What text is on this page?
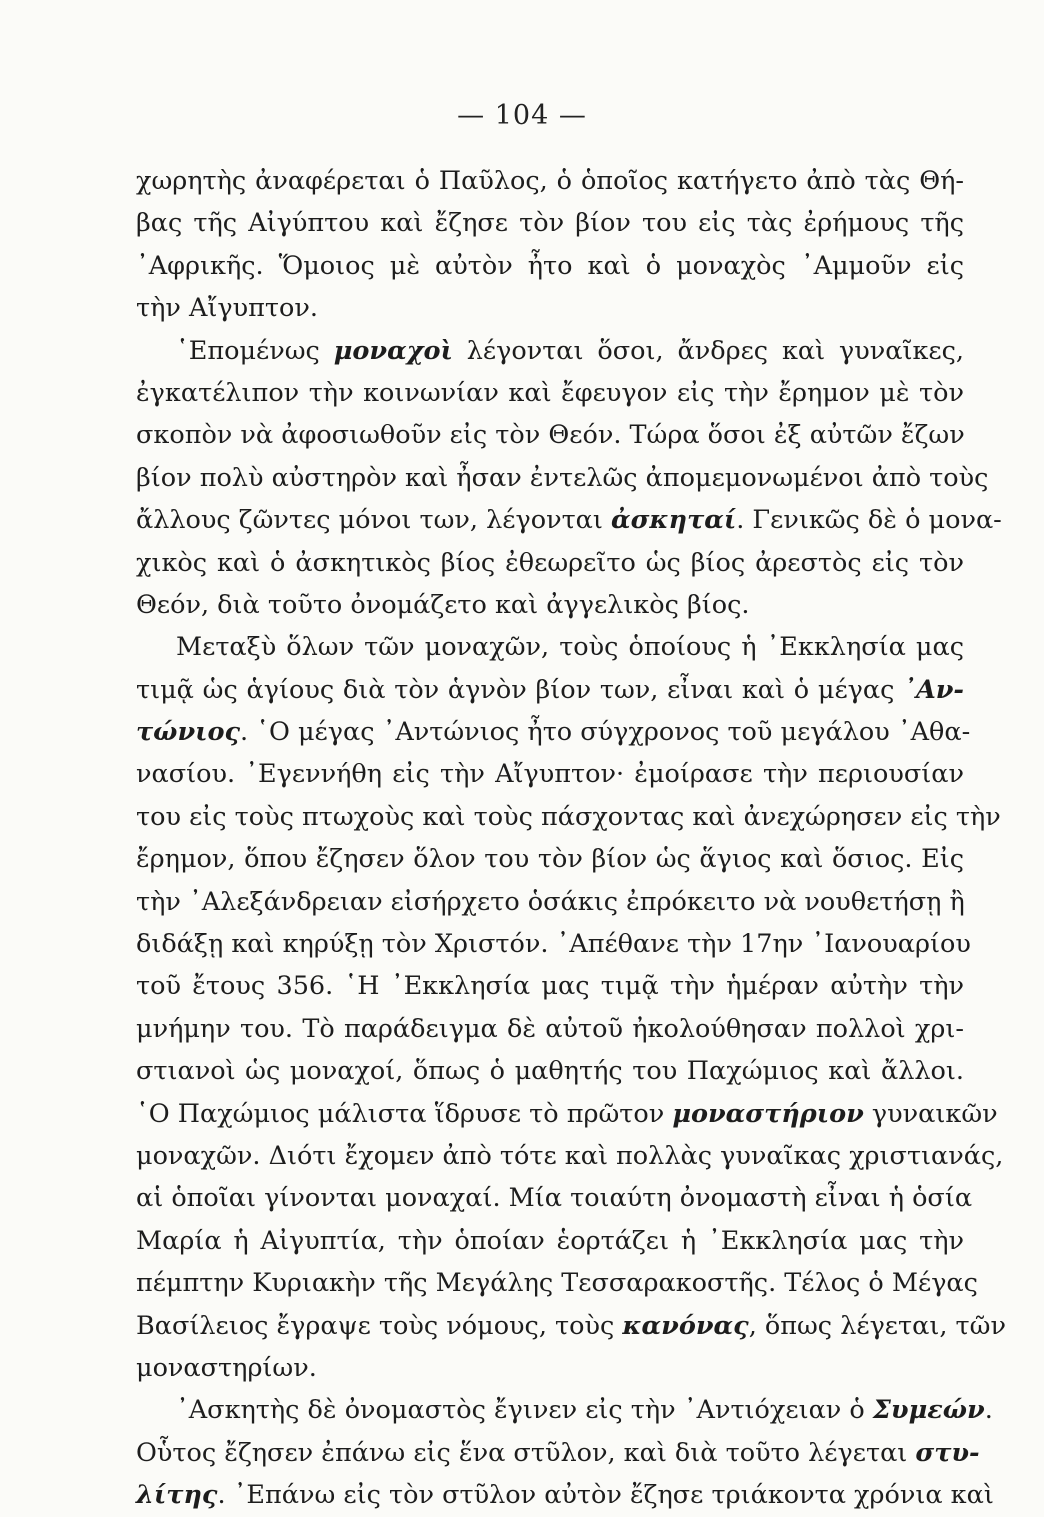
— 104 —
χωρητὴς ἀναφέρεται ὁ Παῦλος, ὁ ὁποῖος κατήγετο ἀπὸ τὰς Θή-
βας τῆς Αἰγύπτου καὶ ἔζησε τὸν βίον του εἰς τὰς ἐρήμους τῆς
᾿Αφρικῆς. Ὅμοιος μὲ αὐτὸν ἦτο καὶ ὁ μοναχὸς ᾿Αμμοῦν εἰς
τὴν Αἴγυπτον.
῾Επομένως μοναχοὶ λέγονται ὅσοι, ἄνδρες καὶ γυναῖκες,
ἐγκατέλιπον τὴν κοινωνίαν καὶ ἔφευγον εἰς τὴν ἔρημον μὲ τὸν
σκοπὸν νὰ ἀφοσιωθοῦν εἰς τὸν Θεόν. Τώρα ὅσοι ἐξ αὐτῶν ἔζων
βίον πολὺ αὐστηρὸν καὶ ἦσαν ἐντελῶς ἀπομεμονωμένοι ἀπὸ τοὺς
ἄλλους ζῶντες μόνοι των, λέγονται ἀσκηταί. Γενικῶς δὲ ὁ μονα-
χικὸς καὶ ὁ ἀσκητικὸς βίος ἐθεωρεῖτο ὡς βίος ἀρεστὸς εἰς τὸν
Θεόν, διὰ τοῦτο ὀνομάζετο καὶ ἀγγελικὸς βίος.
Μεταξὺ ὅλων τῶν μοναχῶν, τοὺς ὁποίους ἡ ᾿Εκκλησία μας
τιμᾷ ὡς ἁγίους διὰ τὸν ἁγνὸν βίον των, εἶναι καὶ ὁ μέγας ᾿Αν-
τώνιος. ῾Ο μέγας ᾿Αντώνιος ἦτο σύγχρονος τοῦ μεγάλου ᾿Αθα-
νασίου. ᾿Εγεννήθη εἰς τὴν Αἴγυπτον· ἐμοίρασε τὴν περιουσίαν
του εἰς τοὺς πτωχοὺς καὶ τοὺς πάσχοντας καὶ ἀνεχώρησεν εἰς τὴν
ἔρημον, ὅπου ἔζησεν ὅλον του τὸν βίον ὡς ἅγιος καὶ ὅσιος. Εἰς
τὴν ᾿Αλεξάνδρειαν εἰσήρχετο ὁσάκις ἐπρόκειτο νὰ νουθετήσῃ ἢ
διδάξῃ καὶ κηρύξῃ τὸν Χριστόν. ᾿Απέθανε τὴν 17ην ᾿Ιανουαρίου
τοῦ ἔτους 356. ῾Η ᾿Εκκλησία μας τιμᾷ τὴν ἡμέραν αὐτὴν τὴν
μνήμην του. Τὸ παράδειγμα δὲ αὐτοῦ ἠκολούθησαν πολλοὶ χρι-
στιανοὶ ὡς μοναχοί, ὅπως ὁ μαθητής του Παχώμιος καὶ ἄλλοι.
῾Ο Παχώμιος μάλιστα ἵδρυσε τὸ πρῶτον μοναστήριον γυναικῶν
μοναχῶν. Διότι ἔχομεν ἀπὸ τότε καὶ πολλὰς γυναῖκας χριστιανάς,
αἱ ὁποῖαι γίνονται μοναχαί. Μία τοιαύτη ὀνομαστὴ εἶναι ἡ ὁσία
Μαρία ἡ Αἰγυπτία, τὴν ὁποίαν ἑορτάζει ἡ ᾿Εκκλησία μας τὴν
πέμπτην Κυριακὴν τῆς Μεγάλης Τεσσαρακοστῆς. Τέλος ὁ Μέγας
Βασίλειος ἔγραψε τοὺς νόμους, τοὺς κανόνας, ὅπως λέγεται, τῶν
μοναστηρίων.
᾿Ασκητὴς δὲ ὀνομαστὸς ἔγινεν εἰς τὴν ᾿Αντιόχειαν ὁ Συμεών.
Οὗτος ἔζησεν ἐπάνω εἰς ἕνα στῦλον, καὶ διὰ τοῦτο λέγεται στυ-
λίτης. ᾿Επάνω εἰς τὸν στῦλον αὐτὸν ἔζησε τριάκοντα χρόνια καὶ
